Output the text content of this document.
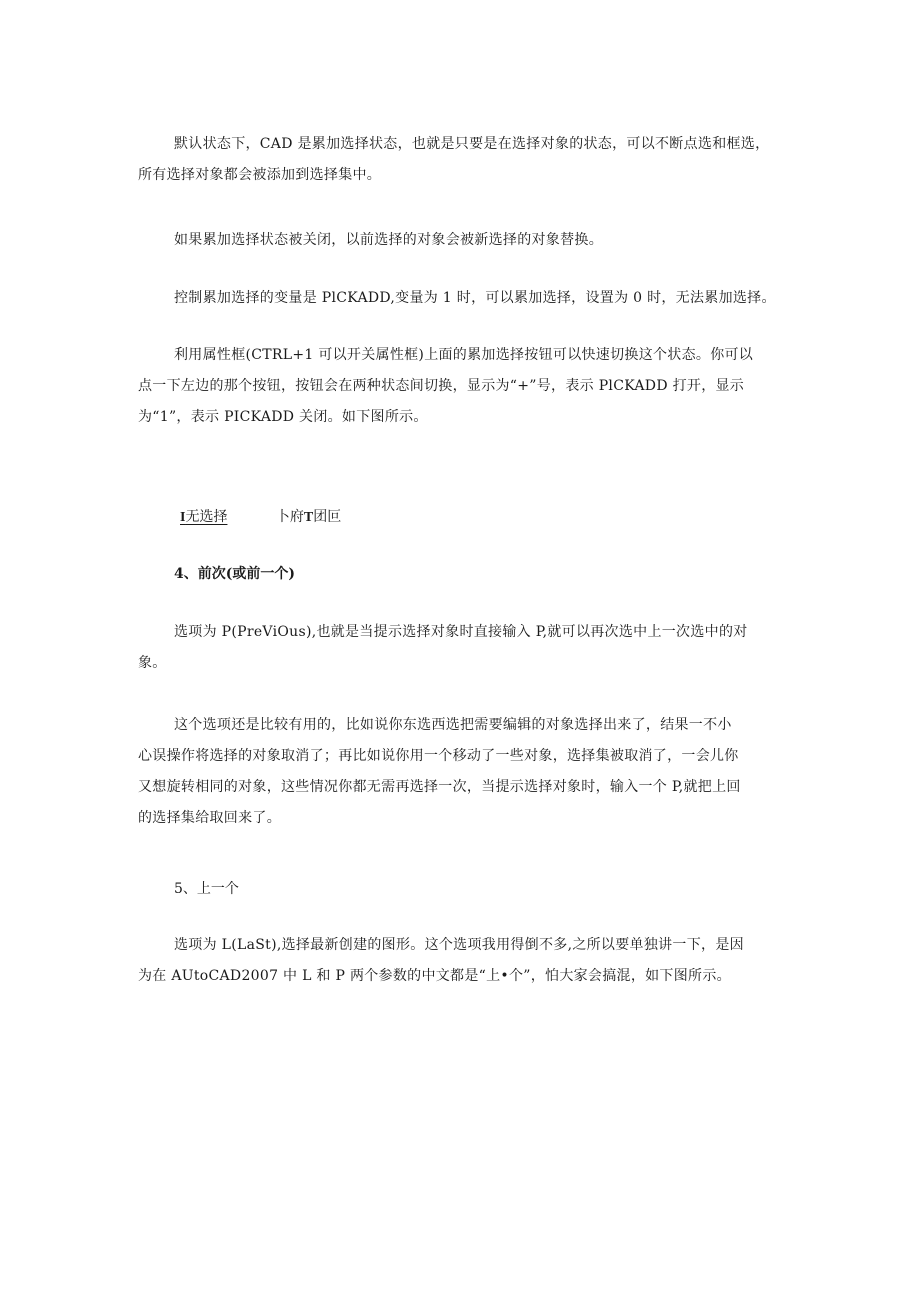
默认状态下，CAD 是累加选择状态，也就是只要是在选择对象的状态，可以不断点选和框选，
所有选择对象都会被添加到选择集中。

如果累加选择状态被关闭，以前选择的对象会被新选择的对象替换。

控制累加选择的变量是 PlCKADD,变量为 1 时，可以累加选择，设置为 0 时，无法累加选择。

利用属性框(CTRL+1 可以开关属性框)上面的累加选择按钮可以快速切换这个状态。你可以
点一下左边的那个按钮，按钮会在两种状态间切换，显示为“+”号，表示 PlCKADD 打开，显示
为“1”，表示 PICKADD 关闭。如下图所示。

I无选择	卜府T团叵
4、前次(或前一个)

选项为 P(PreViOus),也就是当提示选择对象时直接输入 P,就可以再次选中上一次选中的对
象。

这个选项还是比较有用的，比如说你东选西选把需要编辑的对象选择出来了，结果一不小
心误操作将选择的对象取消了；再比如说你用一个移动了一些对象，选择集被取消了，一会儿你
又想旋转相同的对象，这些情况你都无需再选择一次，当提示选择对象时，输入一个 P,就把上回
的选择集给取回来了。

5、上一个

选项为 L(LaSt),选择最新创建的图形。这个选项我用得倒不多,之所以要单独讲一下，是因
为在 AUtoCAD2007 中 L 和 P 两个参数的中文都是“上•个”，怕大家会搞混，如下图所示。
